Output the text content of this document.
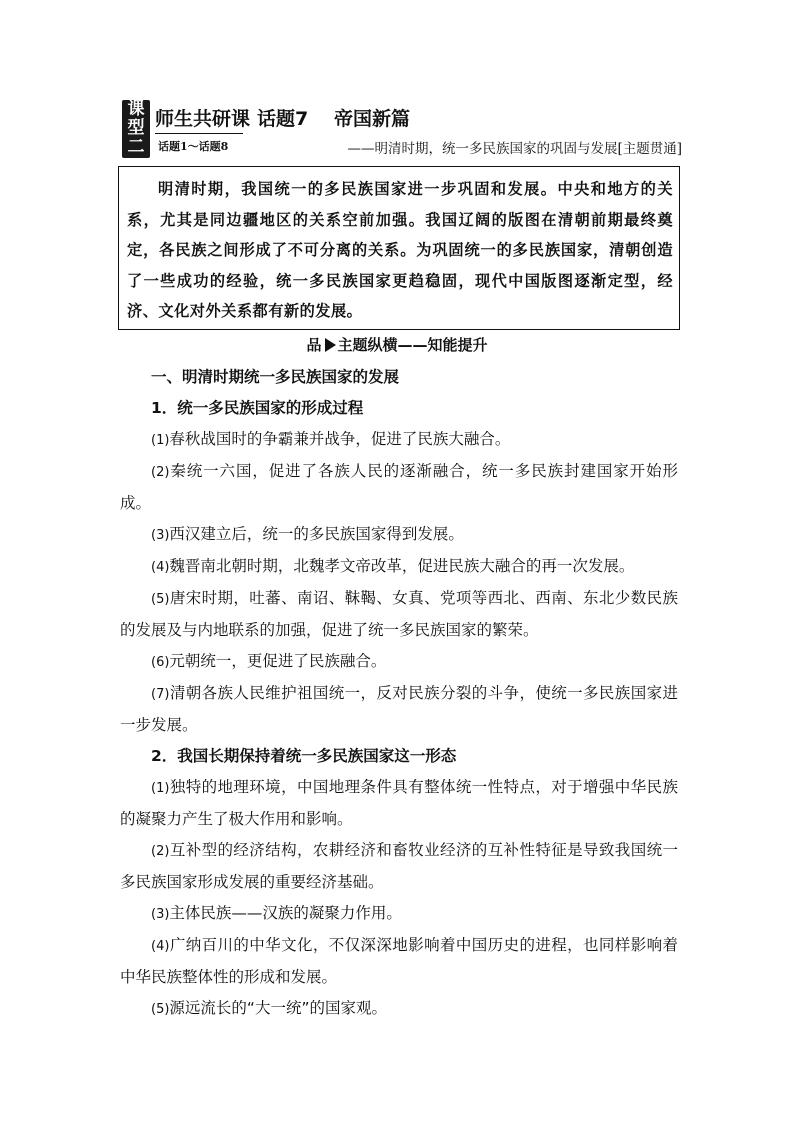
课
型
二
师生共研课
话题1～话题8
话题7 帝国新篇
——明清时期，统一多民族国家的巩固与发展[主题贯通]

明清时期，我国统一的多民族国家进一步巩固和发展。中央和地方的关系，尤其是同边疆地区的关系空前加强。我国辽阔的版图在清朝前期最终奠定，各民族之间形成了不可分离的关系。为巩固统一的多民族国家，清朝创造了一些成功的经验，统一多民族国家更趋稳固，现代中国版图逐渐定型，经济、文化对外关系都有新的发展。

品 主题纵横——知能提升

一、明清时期统一多民族国家的发展

1．统一多民族国家的形成过程

(1)春秋战国时的争霸兼并战争，促进了民族大融合。

(2)秦统一六国，促进了各族人民的逐渐融合，统一多民族封建国家开始形成。

(3)西汉建立后，统一的多民族国家得到发展。

(4)魏晋南北朝时期，北魏孝文帝改革，促进民族大融合的再一次发展。

(5)唐宋时期，吐蕃、南诏、靺鞨、女真、党项等西北、西南、东北少数民族的发展及与内地联系的加强，促进了统一多民族国家的繁荣。

(6)元朝统一，更促进了民族融合。

(7)清朝各族人民维护祖国统一，反对民族分裂的斗争，使统一多民族国家进一步发展。

2．我国长期保持着统一多民族国家这一形态

(1)独特的地理环境，中国地理条件具有整体统一性特点，对于增强中华民族的凝聚力产生了极大作用和影响。

(2)互补型的经济结构，农耕经济和畜牧业经济的互补性特征是导致我国统一多民族国家形成发展的重要经济基础。

(3)主体民族——汉族的凝聚力作用。

(4)广纳百川的中华文化，不仅深深地影响着中国历史的进程，也同样影响着中华民族整体性的形成和发展。

(5)源远流长的“大一统”的国家观。
